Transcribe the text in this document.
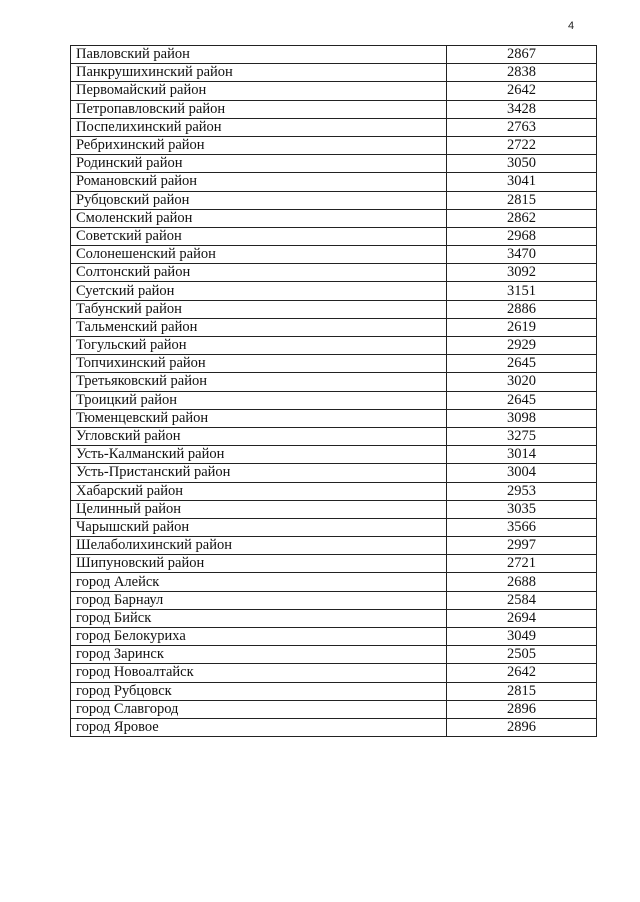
4
Павловский район	2867
Панкрушихинский район	2838
Первомайский район	2642
Петропавловский район	3428
Поспелихинский район	2763
Ребрихинский район	2722
Родинский район	3050
Романовский район	3041
Рубцовский район	2815
Смоленский район	2862
Советский район	2968
Солонешенский район	3470
Солтонский район	3092
Суетский район	3151
Табунский район	2886
Тальменский район	2619
Тогульский район	2929
Топчихинский район	2645
Третьяковский район	3020
Троицкий район	2645
Тюменцевский район	3098
Угловский район	3275
Усть-Калманский район	3014
Усть-Пристанский район	3004
Хабарский район	2953
Целинный район	3035
Чарышский район	3566
Шелаболихинский район	2997
Шипуновский район	2721
город Алейск	2688
город Барнаул	2584
город Бийск	2694
город Белокуриха	3049
город Заринск	2505
город Новоалтайск	2642
город Рубцовск	2815
город Славгород	2896
город Яровое	2896
